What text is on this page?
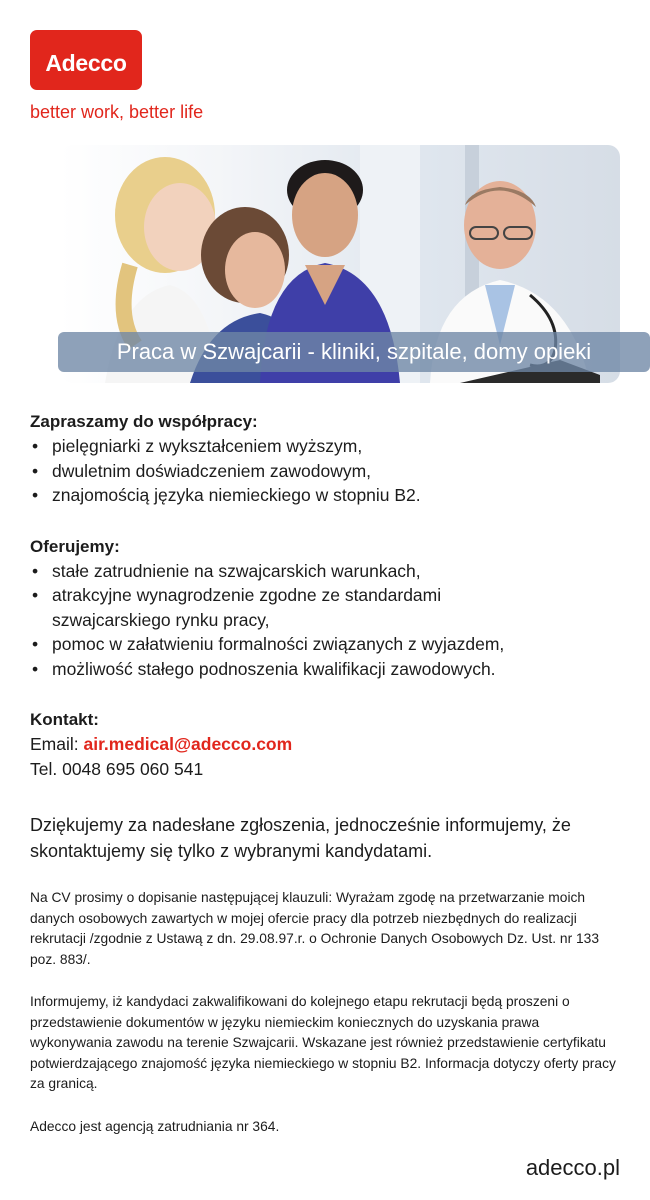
Adecco
better work, better life
Praca w Szwajcarii - kliniki, szpitale, domy opieki

Zapraszamy do współpracy:

• pielęgniarki z wykształceniem wyższym,
• dwuletnim doświadczeniem zawodowym,
• znajomością języka niemieckiego w stopniu B2.

Oferujemy:

• stałe zatrudnienie na szwajcarskich warunkach,
• atrakcyjne wynagrodzenie zgodne ze standardami szwajcarskiego rynku pracy,
• pomoc w załatwieniu formalności związanych z wyjazdem,
• możliwość stałego podnoszenia kwalifikacji zawodowych.

Kontakt:

Email: air.medical@adecco.com

Tel. 0048 695 060 541

Dziękujemy za nadesłane zgłoszenia, jednocześnie informujemy, że skontaktujemy się tylko z wybranymi kandydatami.

Na CV prosimy o dopisanie następującej klauzuli: Wyrażam zgodę na przetwarzanie moich danych osobowych zawartych w mojej ofercie pracy dla potrzeb niezbędnych do realizacji rekrutacji /zgodnie z Ustawą z dn. 29.08.97.r. o Ochronie Danych Osobowych Dz. Ust. nr 133 poz. 883/.

Informujemy, iż kandydaci zakwalifikowani do kolejnego etapu rekrutacji będą proszeni o przedstawienie dokumentów w języku niemieckim koniecznych do uzyskania prawa wykonywania zawodu na terenie Szwajcarii. Wskazane jest również przedstawienie certyfikatu potwierdzającego znajomość języka niemieckiego w stopniu B2. Informacja dotyczy oferty pracy za granicą.

Adecco jest agencją zatrudniania nr 364.

adecco.pl
